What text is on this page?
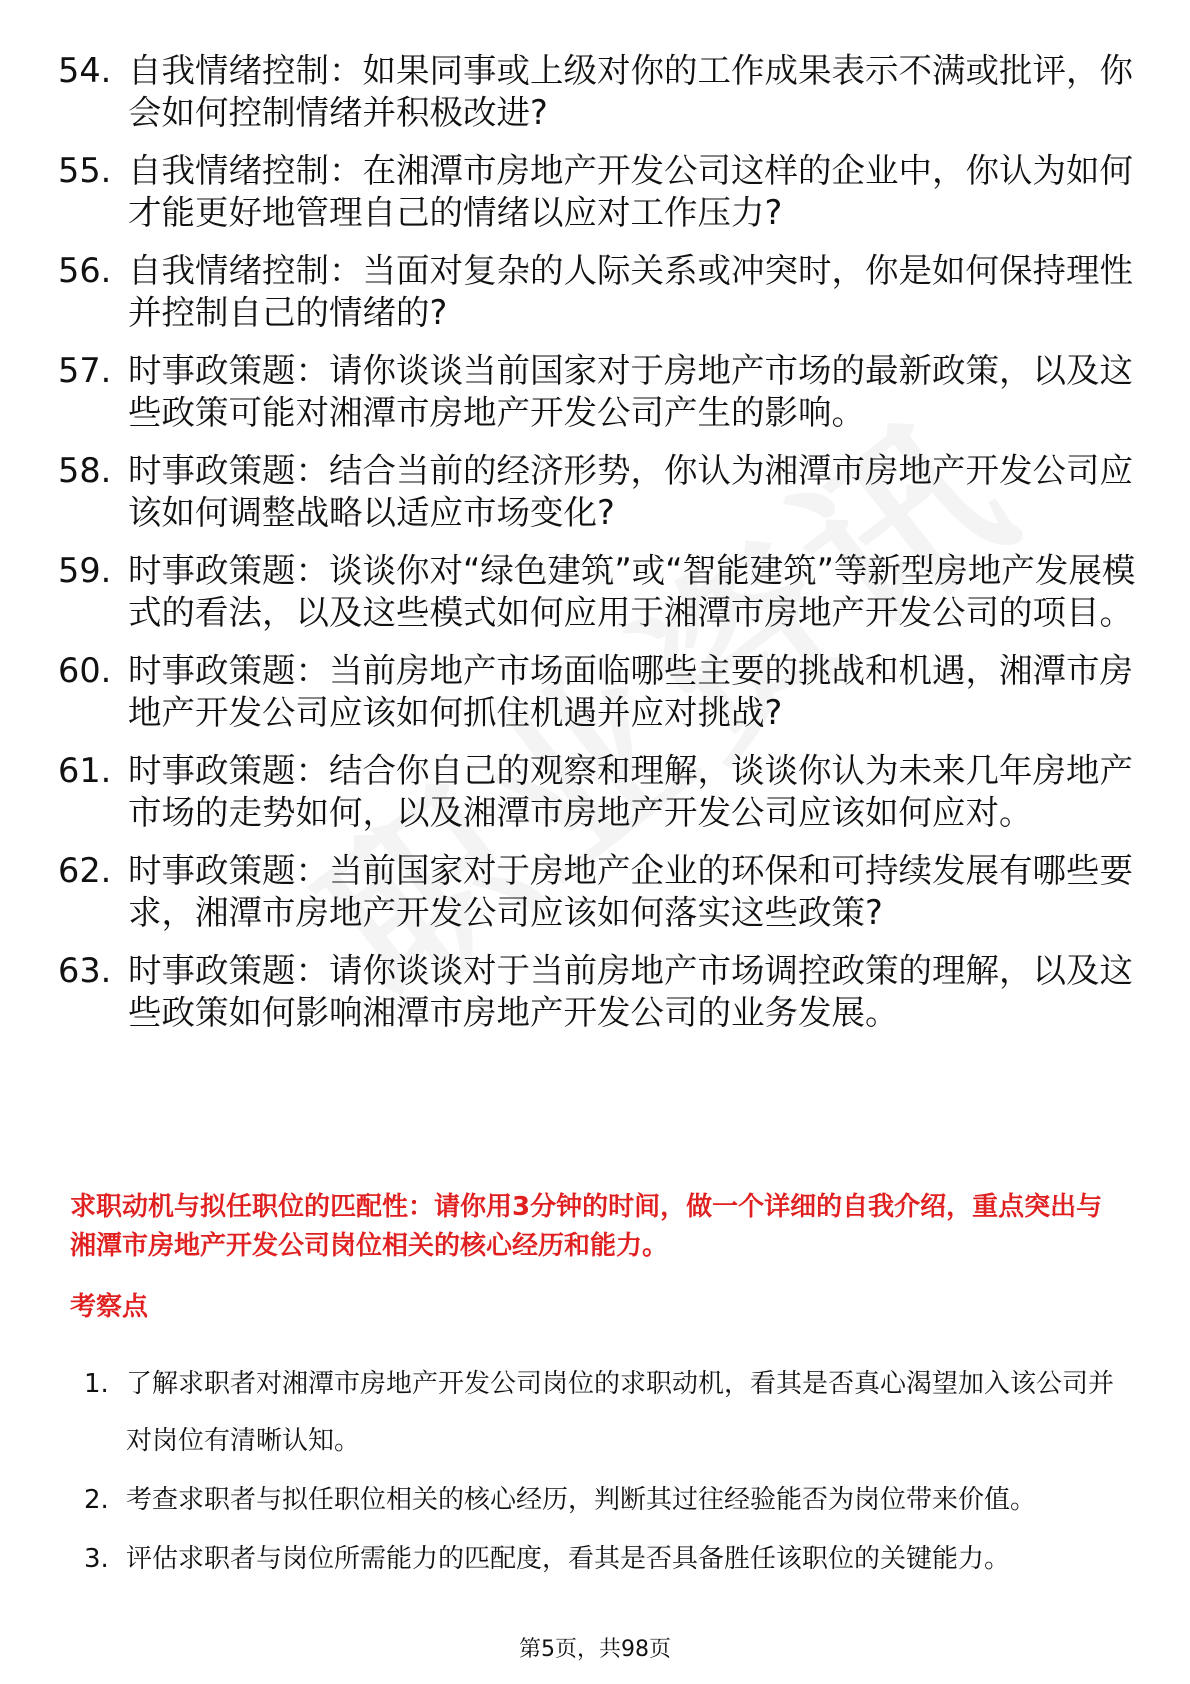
54. 自我情绪控制：如果同事或上级对你的工作成果表示不满或批评，你会如何控制情绪并积极改进?
55. 自我情绪控制：在湘潭市房地产开发公司这样的企业中，你认为如何才能更好地管理自己的情绪以应对工作压力?
56. 自我情绪控制：当面对复杂的人际关系或冲突时，你是如何保持理性并控制自己的情绪的?
57. 时事政策题：请你谈谈当前国家对于房地产市场的最新政策，以及这些政策可能对湘潭市房地产开发公司产生的影响。
58. 时事政策题：结合当前的经济形势，你认为湘潭市房地产开发公司应该如何调整战略以适应市场变化?
59. 时事政策题：谈谈你对“绿色建筑”或“智能建筑”等新型房地产发展模式的看法，以及这些模式如何应用于湘潭市房地产开发公司的项目。
60. 时事政策题：当前房地产市场面临哪些主要的挑战和机遇，湘潭市房地产开发公司应该如何抓住机遇并应对挑战?
61. 时事政策题：结合你自己的观察和理解，谈谈你认为未来几年房地产市场的走势如何，以及湘潭市房地产开发公司应该如何应对。
62. 时事政策题：当前国家对于房地产企业的环保和可持续发展有哪些要求，湘潭市房地产开发公司应该如何落实这些政策?
63. 时事政策题：请你谈谈对于当前房地产市场调控政策的理解，以及这些政策如何影响湘潭市房地产开发公司的业务发展。

求职动机与拟任职位的匹配性：请你用3分钟的时间，做一个详细的自我介绍，重点突出与湘潭市房地产开发公司岗位相关的核心经历和能力。

考察点

1. 了解求职者对湘潭市房地产开发公司岗位的求职动机，看其是否真心渴望加入该公司并对岗位有清晰认知。
2. 考查求职者与拟任职位相关的核心经历，判断其过往经验能否为岗位带来价值。
3. 评估求职者与岗位所需能力的匹配度，看其是否具备胜任该职位的关键能力。
第5页，共98页
